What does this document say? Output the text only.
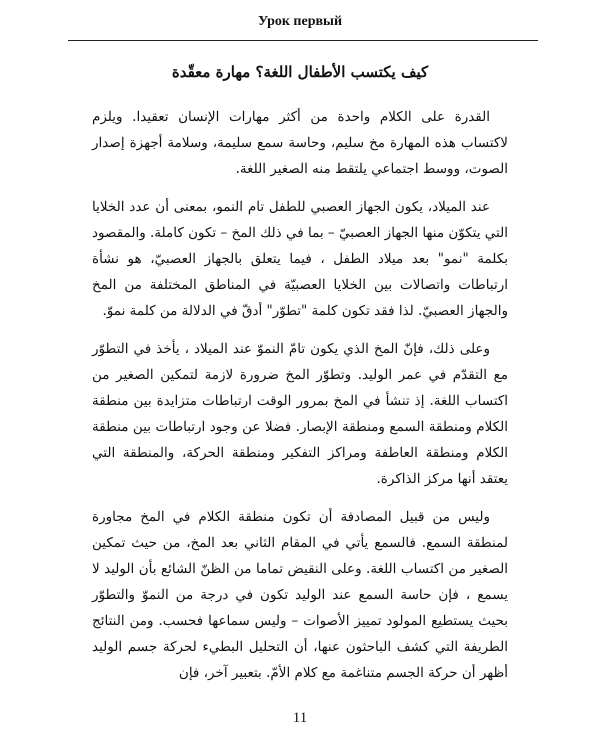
Урок первый
كيف يكتسب الأطفال اللغة؟ مهارة معقّدة

القدرة على الكلام واحدة من أكثر مهارات الإنسان تعقيدا. ويلزم لاكتساب هذه المهارة مخ سليم، وحاسة سمع سليمة، وسلامة أجهزة إصدار الصوت، ووسط اجتماعي يلتقط منه الصغير اللغة.

عند الميلاد، يكون الجهاز العصبي للطفل تام النمو، بمعنى أن عدد الخلايا التي يتكوّن منها الجهاز العصبيّ – بما في ذلك المخ – تكون كاملة. والمقصود بكلمة "نمو" بعد ميلاد الطفل ، فيما يتعلق بالجهاز العصبيّ، هو نشأة ارتباطات واتصالات بين الخلايا العصبيّة في المناطق المختلفة من المخ والجهاز العصبيّ. لذا فقد تكون كلمة "تطوّر" أدقّ في الدلالة من كلمة نموّ.

وعلى ذلك، فإنّ المخ الذي يكون تامّ النموّ عند الميلاد ، يأخذ في التطوّر مع التقدّم في عمر الوليد. وتطوّر المخ ضرورة لازمة لتمكين الصغير من اكتساب اللغة. إذ تنشأ في المخ بمرور الوقت ارتباطات متزايدة بين منطقة الكلام ومنطقة السمع ومنطقة الإبصار. فضلا عن وجود ارتباطات بين منطقة الكلام ومنطقة العاطفة ومراكز التفكير ومنطقة الحركة، والمنطقة التي يعتقد أنها مركز الذاكرة.

وليس من قبيل المصادفة أن تكون منطقة الكلام في المخ مجاورة لمنطقة السمع. فالسمع يأتي في المقام الثاني بعد المخ، من حيث تمكين الصغير من اكتساب اللغة. وعلى النقيض تماما من الظنّ الشائع بأن الوليد لا يسمع ، فإن حاسة السمع عند الوليد تكون في درجة من النموّ والتطوّر بحيث يستطيع المولود تمييز الأصوات – وليس سماعها فحسب. ومن النتائج الطريفة التي كشف الباحثون عنها، أن التحليل البطيء لحركة جسم الوليد أظهر أن حركة الجسم متناغمة مع كلام الأمّ. بتعبير آخر، فإن

11
